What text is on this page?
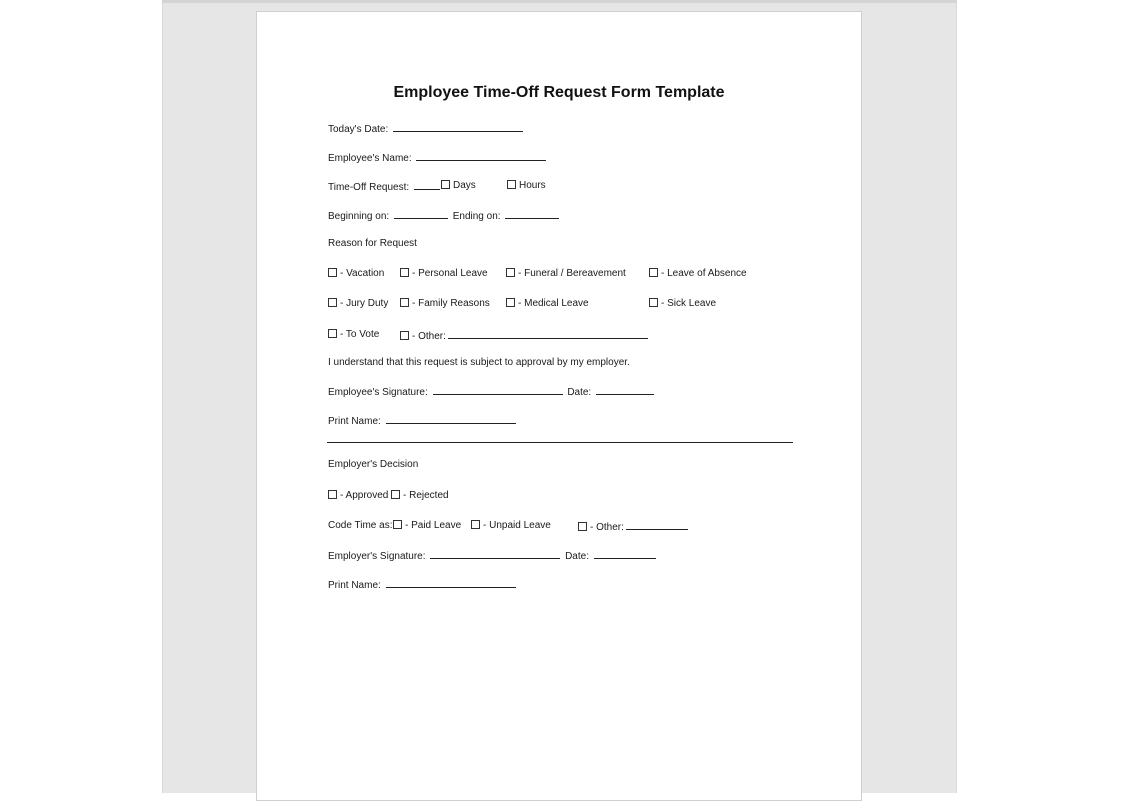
Employee Time-Off Request Form Template
Today's Date:
Employee's Name:
Time-Off Request:	Days	Hours
Beginning on:	Ending on:
Reason for Request
- Vacation	- Personal Leave	- Funeral / Bereavement	- Leave of Absence
- Jury Duty	- Family Reasons	- Medical Leave	- Sick Leave
- To Vote	- Other:
I understand that this request is subject to approval by my employer.
Employee's Signature:	Date:
Print Name:
Employer's Decision
- Approved	- Rejected
Code Time as:	- Paid Leave	- Unpaid Leave	- Other:
Employer's Signature:	Date:
Print Name:
